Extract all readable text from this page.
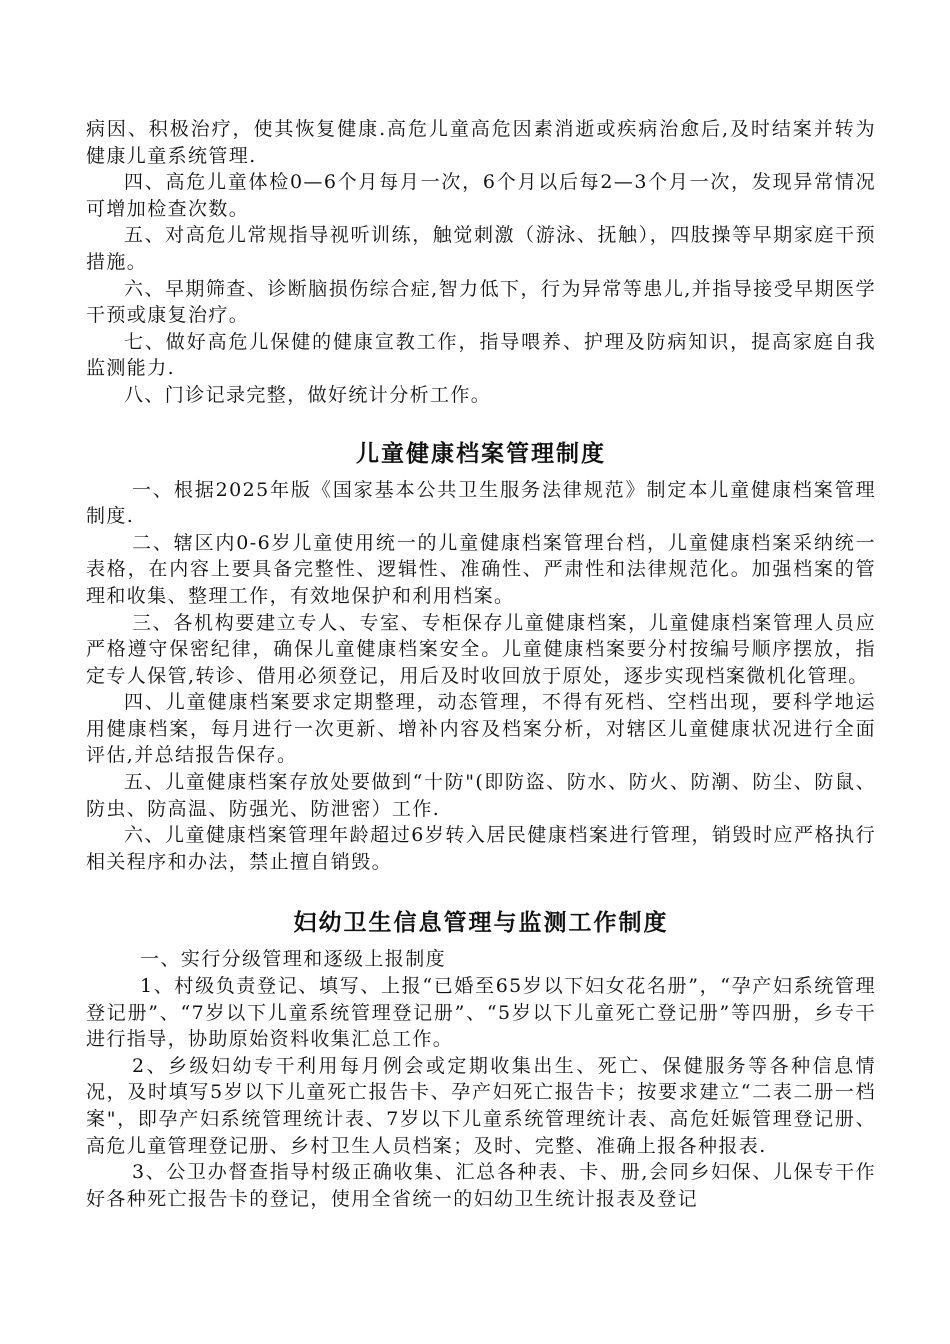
病因、积极治疗，使其恢复健康.高危儿童高危因素消逝或疾病治愈后,及时结案并转为健康儿童系统管理.

四、高危儿童体检0—6个月每月一次，6个月以后每2—3个月一次，发现异常情况可增加检查次数。

五、对高危儿常规指导视听训练，触觉刺激（游泳、抚触），四肢操等早期家庭干预措施。

六、早期筛查、诊断脑损伤综合症,智力低下，行为异常等患儿,并指导接受早期医学干预或康复治疗。

七、做好高危儿保健的健康宣教工作，指导喂养、护理及防病知识，提高家庭自我监测能力.

八、门诊记录完整，做好统计分析工作。

儿童健康档案管理制度

一、根据2025年版《国家基本公共卫生服务法律规范》制定本儿童健康档案管理制度.

二、辖区内0-6岁儿童使用统一的儿童健康档案管理台档，儿童健康档案采纳统一表格，在内容上要具备完整性、逻辑性、准确性、严肃性和法律规范化。加强档案的管理和收集、整理工作，有效地保护和利用档案。

三、各机构要建立专人、专室、专柜保存儿童健康档案，儿童健康档案管理人员应严格遵守保密纪律，确保儿童健康档案安全。儿童健康档案要分村按编号顺序摆放，指定专人保管,转诊、借用必须登记，用后及时收回放于原处，逐步实现档案微机化管理。

四、儿童健康档案要求定期整理，动态管理，不得有死档、空档出现，要科学地运用健康档案，每月进行一次更新、增补内容及档案分析，对辖区儿童健康状况进行全面评估,并总结报告保存。

五、儿童健康档案存放处要做到“十防"(即防盗、防水、防火、防潮、防尘、防鼠、防虫、防高温、防强光、防泄密）工作.

六、儿童健康档案管理年龄超过6岁转入居民健康档案进行管理，销毁时应严格执行相关程序和办法，禁止擅自销毁。

妇幼卫生信息管理与监测工作制度

一、实行分级管理和逐级上报制度

1、村级负责登记、填写、上报“已婚至65岁以下妇女花名册”，“孕产妇系统管理登记册”、“7岁以下儿童系统管理登记册”、“5岁以下儿童死亡登记册”等四册，乡专干进行指导，协助原始资料收集汇总工作。

2、乡级妇幼专干利用每月例会或定期收集出生、死亡、保健服务等各种信息情况，及时填写5岁以下儿童死亡报告卡、孕产妇死亡报告卡；按要求建立“二表二册一档案"，即孕产妇系统管理统计表、7岁以下儿童系统管理统计表、高危妊娠管理登记册、高危儿童管理登记册、乡村卫生人员档案；及时、完整、准确上报各种报表.

3、公卫办督查指导村级正确收集、汇总各种表、卡、册,会同乡妇保、儿保专干作好各种死亡报告卡的登记，使用全省统一的妇幼卫生统计报表及登记
